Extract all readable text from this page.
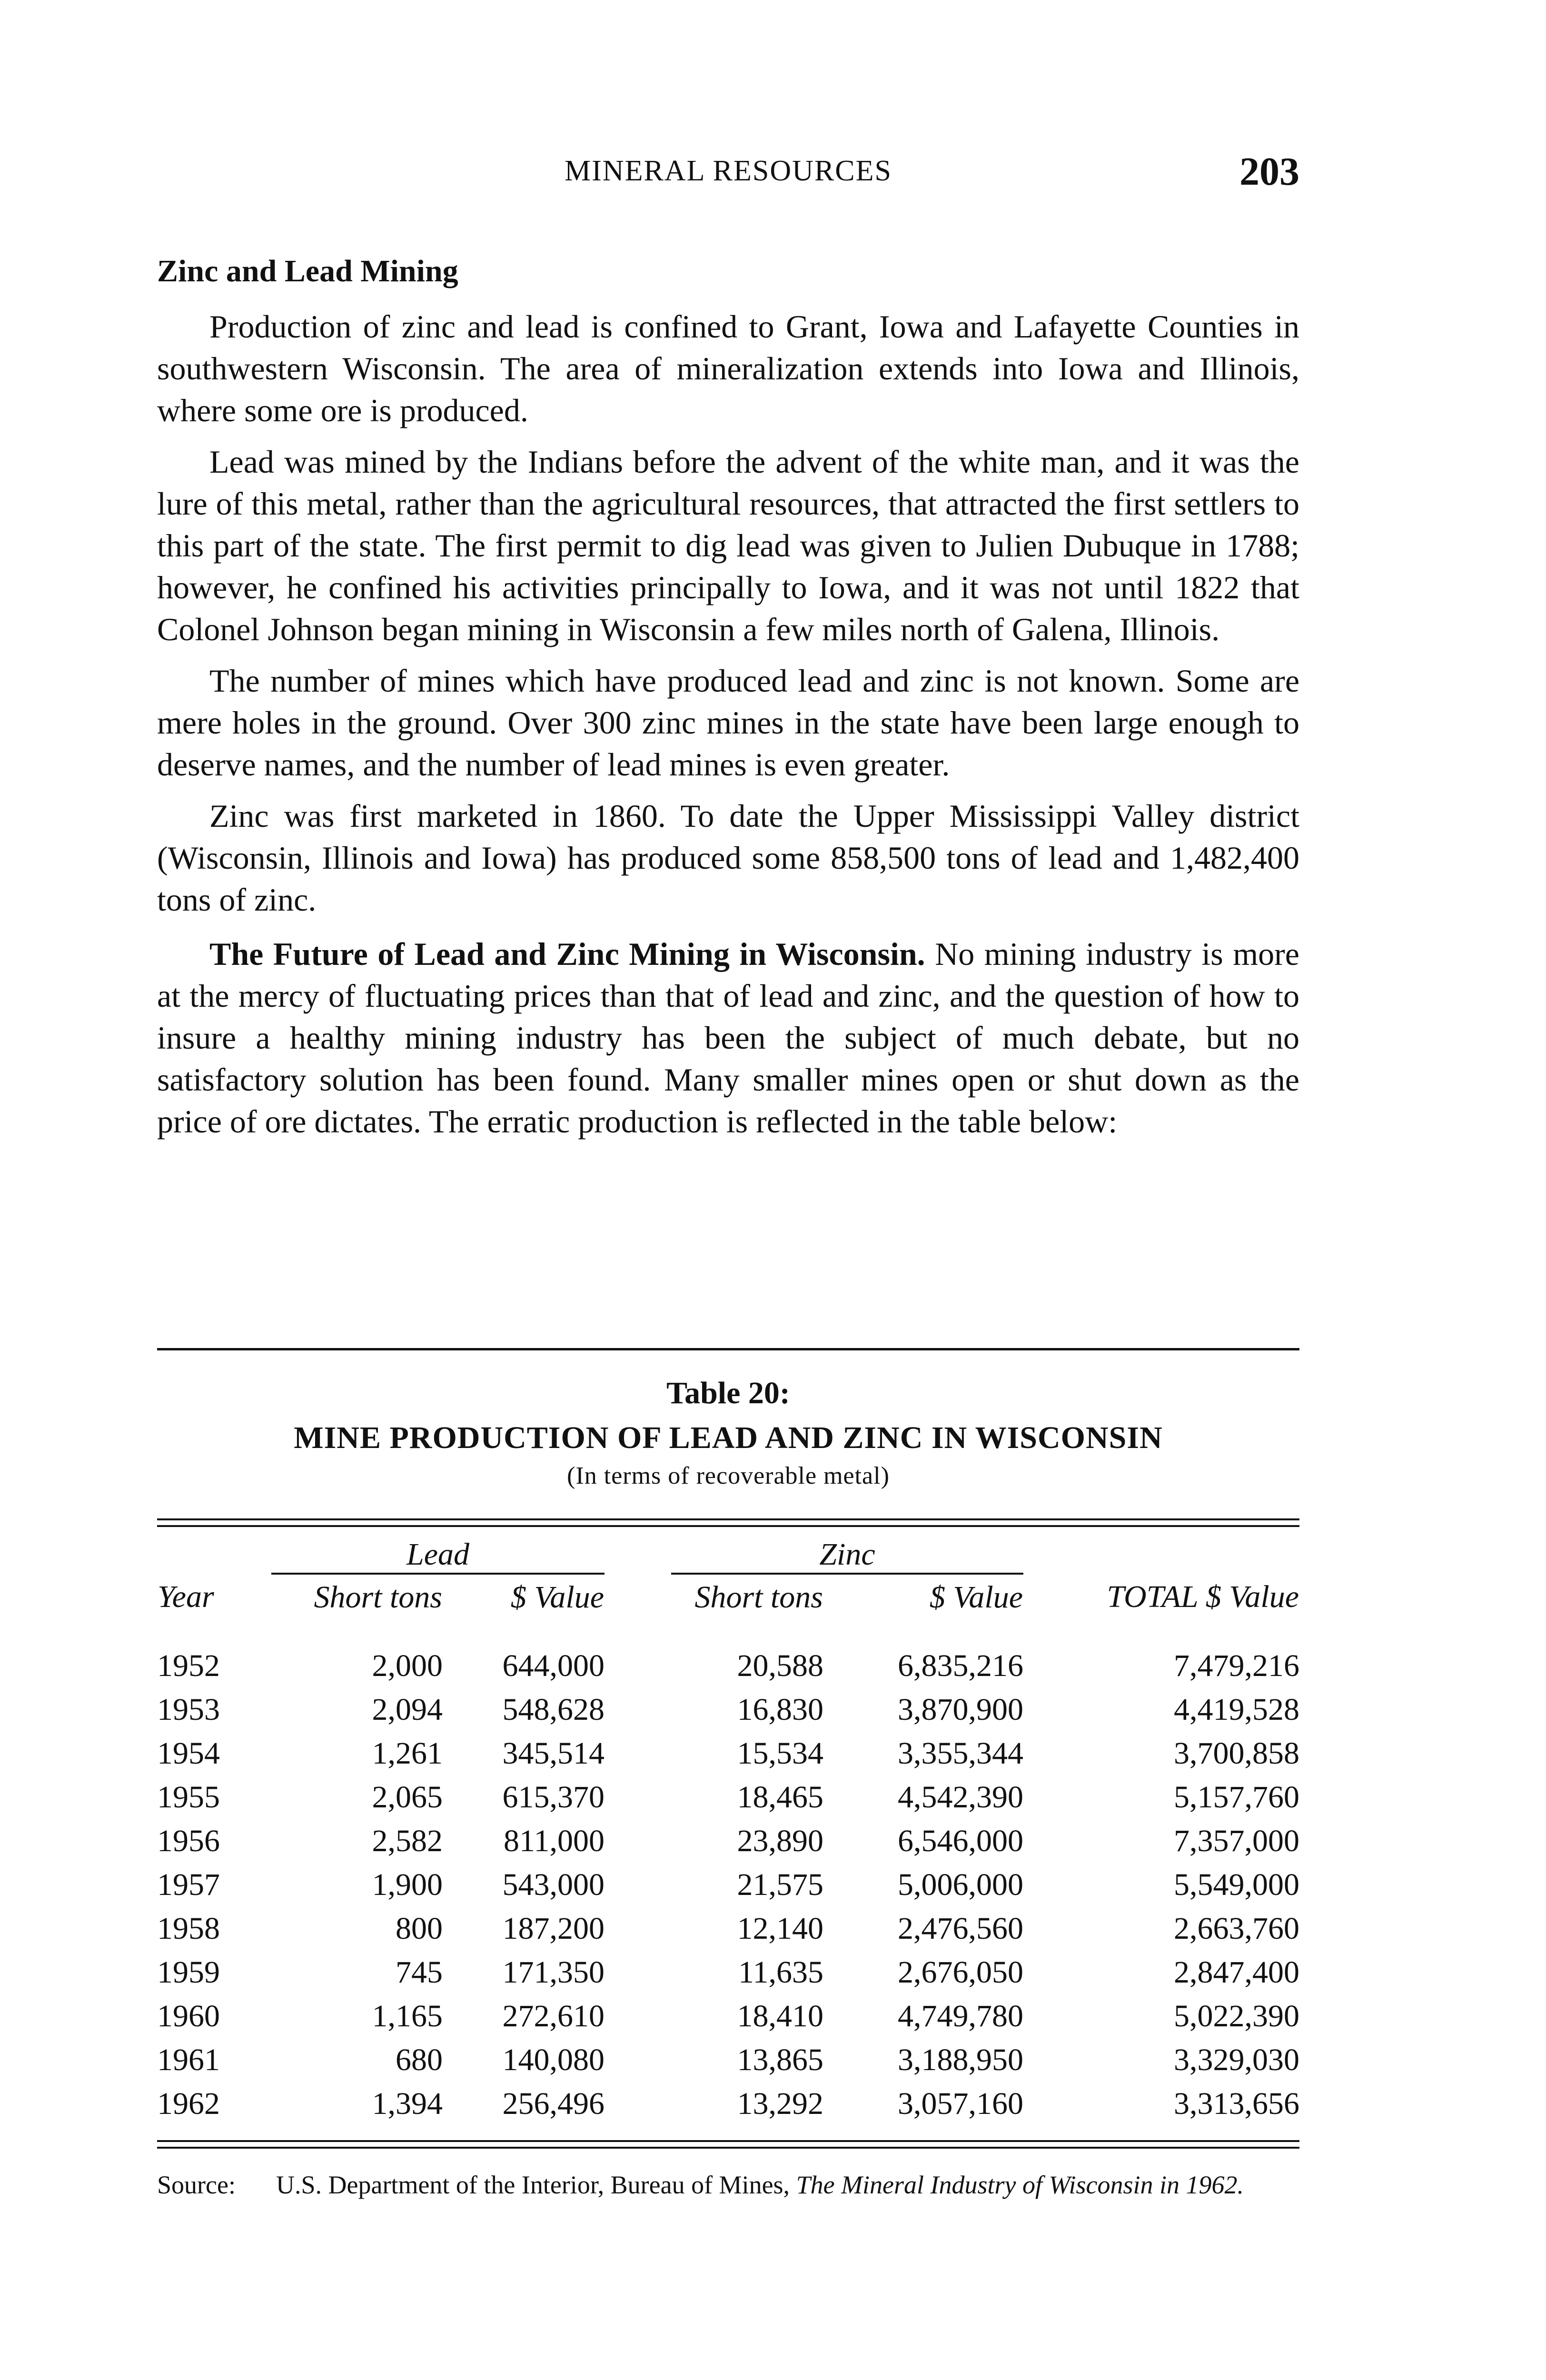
MINERAL RESOURCES	203
Zinc and Lead Mining

Production of zinc and lead is confined to Grant, Iowa and Lafayette Counties in southwestern Wisconsin. The area of mineralization extends into Iowa and Illinois, where some ore is produced.

Lead was mined by the Indians before the advent of the white man, and it was the lure of this metal, rather than the agricultural resources, that attracted the first settlers to this part of the state. The first permit to dig lead was given to Julien Dubuque in 1788; however, he confined his activities principally to Iowa, and it was not until 1822 that Colonel Johnson began mining in Wisconsin a few miles north of Galena, Illinois.

The number of mines which have produced lead and zinc is not known. Some are mere holes in the ground. Over 300 zinc mines in the state have been large enough to deserve names, and the number of lead mines is even greater.

Zinc was first marketed in 1860. To date the Upper Mississippi Valley district (Wisconsin, Illinois and Iowa) has produced some 858,500 tons of lead and 1,482,400 tons of zinc.

The Future of Lead and Zinc Mining in Wisconsin. No mining industry is more at the mercy of fluctuating prices than that of lead and zinc, and the question of how to insure a healthy mining industry has been the subject of much debate, but no satisfactory solution has been found. Many smaller mines open or shut down as the price of ore dictates. The erratic production is reflected in the table below:

Table 20:
MINE PRODUCTION OF LEAD AND ZINC IN WISCONSIN
(In terms of recoverable metal)
	Lead			Zinc		
Year	Short tons	$ Value		Short tons	$ Value	TOTAL $ Value
1952	2,000	644,000		20,588	6,835,216	7,479,216
1953	2,094	548,628		16,830	3,870,900	4,419,528
1954	1,261	345,514		15,534	3,355,344	3,700,858
1955	2,065	615,370		18,465	4,542,390	5,157,760
1956	2,582	811,000		23,890	6,546,000	7,357,000
1957	1,900	543,000		21,575	5,006,000	5,549,000
1958	800	187,200		12,140	2,476,560	2,663,760
1959	745	171,350		11,635	2,676,050	2,847,400
1960	1,165	272,610		18,410	4,749,780	5,022,390
1961	680	140,080		13,865	3,188,950	3,329,030
1962	1,394	256,496		13,292	3,057,160	3,313,656
Source: U.S. Department of the Interior, Bureau of Mines, The Mineral Industry of Wisconsin in 1962.
